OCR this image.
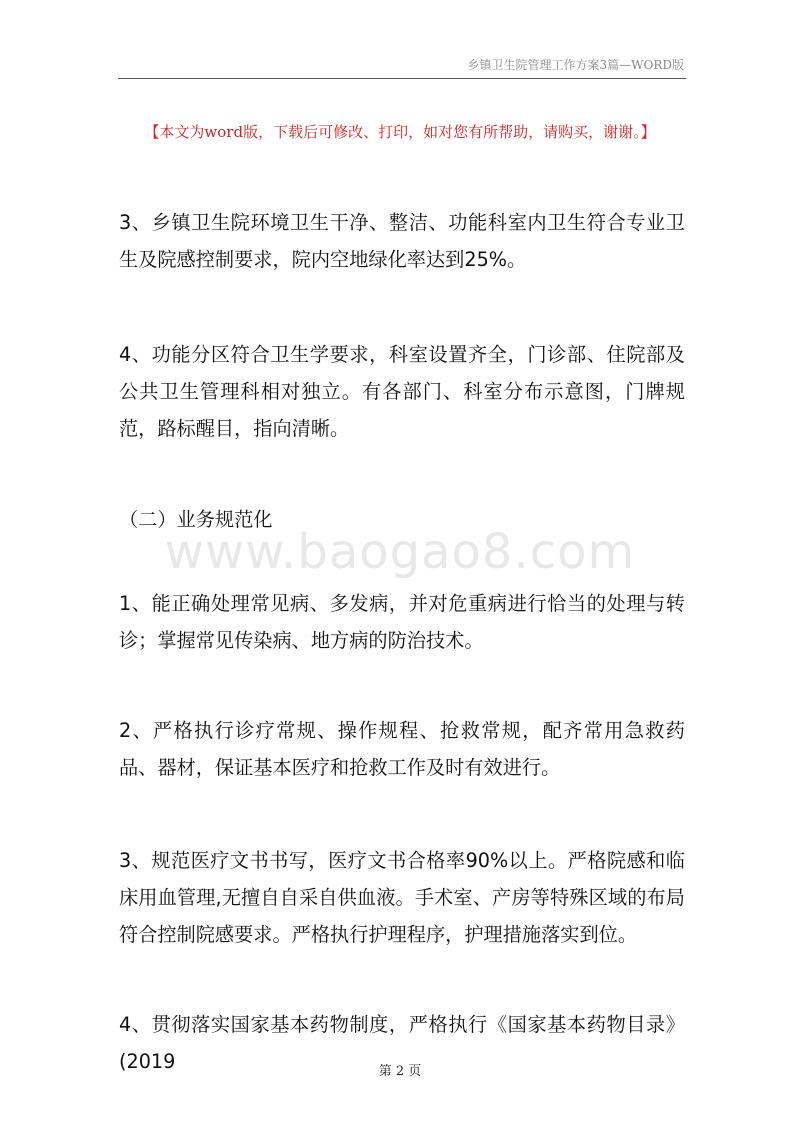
乡镇卫生院管理工作方案3篇—WORD版
【本文为word版，下载后可修改、打印，如对您有所帮助，请购买，谢谢。】

3、乡镇卫生院环境卫生干净、整洁、功能科室内卫生符合专业卫生及院感控制要求，院内空地绿化率达到25%。

4、功能分区符合卫生学要求，科室设置齐全，门诊部、住院部及公共卫生管理科相对独立。有各部门、科室分布示意图，门牌规范，路标醒目，指向清晰。

（二）业务规范化

1、能正确处理常见病、多发病，并对危重病进行恰当的处理与转诊；掌握常见传染病、地方病的防治技术。

2、严格执行诊疗常规、操作规程、抢救常规，配齐常用急救药品、器材，保证基本医疗和抢救工作及时有效进行。

3、规范医疗文书书写，医疗文书合格率90%以上。严格院感和临床用血管理,无擅自自采自供血液。手术室、产房等特殊区域的布局符合控制院感要求。严格执行护理程序，护理措施落实到位。

4、贯彻落实国家基本药物制度，严格执行《国家基本药物目录》(2019

www.baogao8.com
第 2 页
